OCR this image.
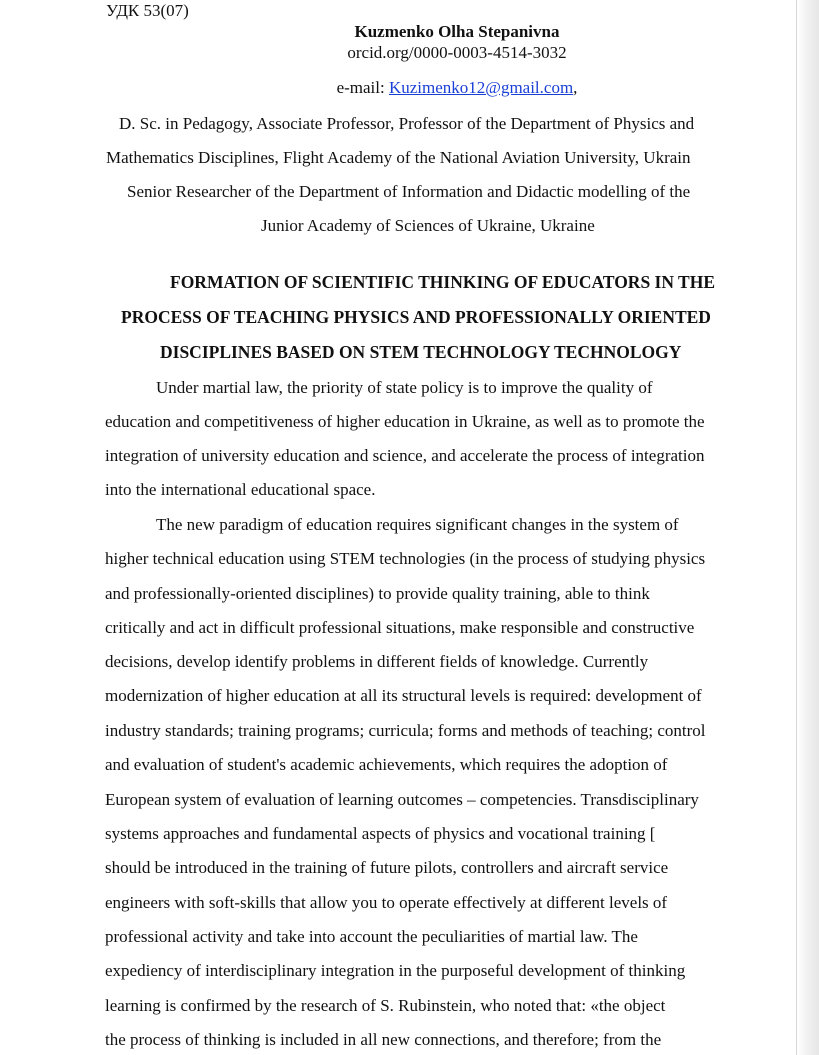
УДК 53(07)
Kuzmenko Olha Stepanivna
orcid.org/0000-0003-4514-3032
e-mail: Kuzimenko12@gmail.com,
D. Sc. in Pedagogy, Associate Professor, Professor of the Department of Physics and
Mathematics Disciplines, Flight Academy of the National Aviation University, Ukrain
Senior Researcher of the Department of Information and Didactic modelling of the
Junior Academy of Sciences of Ukraine, Ukraine
FORMATION OF SCIENTIFIC THINKING OF EDUCATORS IN THE
PROCESS OF TEACHING PHYSICS AND PROFESSIONALLY ORIENTED
DISCIPLINES BASED ON STEM TECHNOLOGY TECHNOLOGY
Under martial law, the priority of state policy is to improve the quality of
education and competitiveness of higher education in Ukraine, as well as to promote the
integration of university education and science, and accelerate the process of integration
into the international educational space.
The new paradigm of education requires significant changes in the system of
higher technical education using STEM technologies (in the process of studying physics
and professionally-oriented disciplines) to provide quality training, able to think
critically and act in difficult professional situations, make responsible and constructive
decisions, develop identify problems in different fields of knowledge. Currently
modernization of higher education at all its structural levels is required: development of
industry standards; training programs; curricula; forms and methods of teaching; control
and evaluation of student's academic achievements, which requires the adoption of
European system of evaluation of learning outcomes – competencies. Transdisciplinary
systems approaches and fundamental aspects of physics and vocational training [
should be introduced in the training of future pilots, controllers and aircraft service
engineers with soft-skills that allow you to operate effectively at different levels of
professional activity and take into account the peculiarities of martial law. The
expediency of interdisciplinary integration in the purposeful development of thinking
learning is confirmed by the research of S. Rubinstein, who noted that: «the object
the process of thinking is included in all new connections, and therefore; from the
